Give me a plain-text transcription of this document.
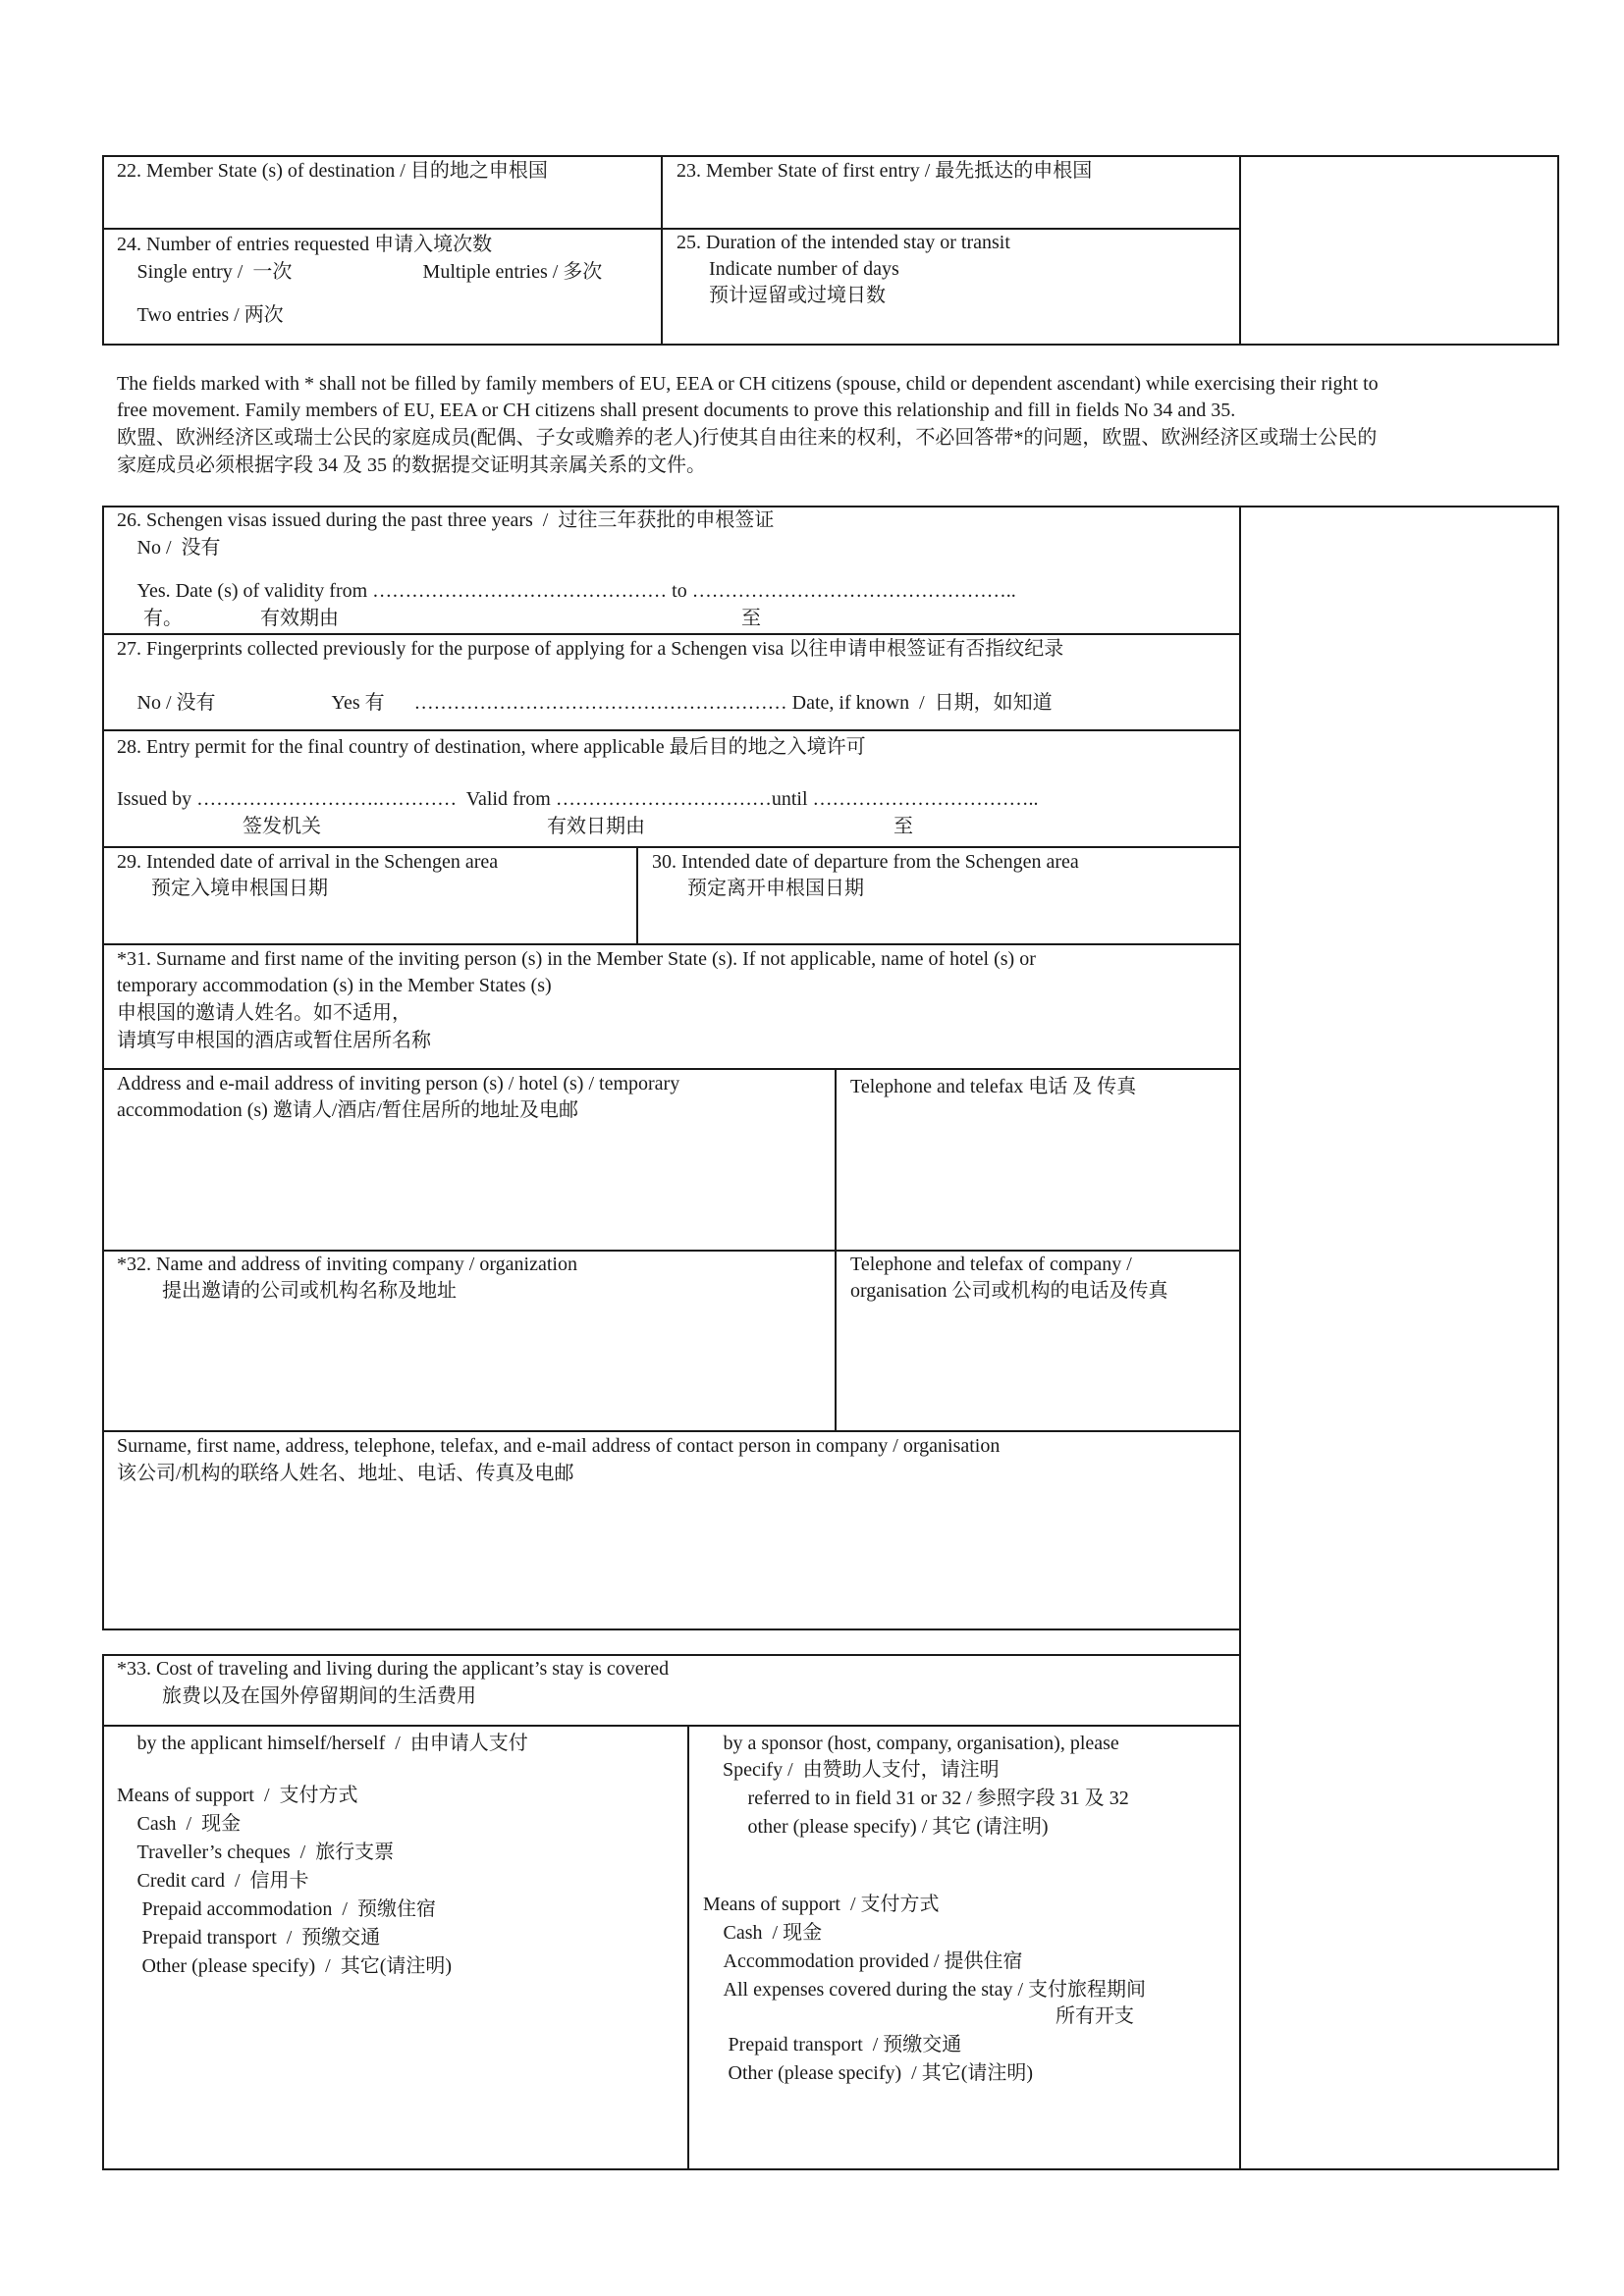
22. Member State (s) of destination / 目的地之申根国	23. Member State of first entry / 最先抵达的申根国
24. Number of entries requested 申请入境次数
Single entry /  一次	Multiple entries / 多次
Two entries / 两次
25. Duration of the intended stay or transit
Indicate number of days
预计逗留或过境日数
The fields marked with * shall not be filled by family members of EU, EEA or CH citizens (spouse, child or dependent ascendant) while exercising their right to
free movement. Family members of EU, EEA or CH citizens shall present documents to prove this relationship and fill in fields No 34 and 35.
欧盟、欧洲经济区或瑞士公民的家庭成员(配偶、子女或赡养的老人)行使其自由往来的权利，不必回答带*的问题，欧盟、欧洲经济区或瑞士公民的
家庭成员必须根据字段 34 及 35 的数据提交证明其亲属关系的文件。
26. Schengen visas issued during the past three years  /  过往三年获批的申根签证
No /  没有
Yes. Date (s) of validity from ……………………………………… to …………………………………………..
有。	有效期由	至
27. Fingerprints collected previously for the purpose of applying for a Schengen visa 以往申请申根签证有否指纹纪录
No / 没有	Yes 有      ………………………………………………… Date, if known  /  日期，如知道
28. Entry permit for the final country of destination, where applicable 最后目的地之入境许可
Issued by ……………………….…………  Valid from ……………………………until ……………………………..
签发机关	有效日期由	至
29. Intended date of arrival in the Schengen area
预定入境申根国日期
30. Intended date of departure from the Schengen area
预定离开申根国日期
*31. Surname and first name of the inviting person (s) in the Member State (s). If not applicable, name of hotel (s) or
temporary accommodation (s) in the Member States (s)
申根国的邀请人姓名。如不适用，
请填写申根国的酒店或暂住居所名称
Address and e-mail address of inviting person (s) / hotel (s) / temporary
accommodation (s) 邀请人/酒店/暂住居所的地址及电邮
Telephone and telefax 电话 及 传真
*32. Name and address of inviting company / organization
提出邀请的公司或机构名称及地址
Telephone and telefax of company /
organisation 公司或机构的电话及传真
Surname, first name, address, telephone, telefax, and e-mail address of contact person in company / organisation
该公司/机构的联络人姓名、地址、电话、传真及电邮
*33. Cost of traveling and living during the applicant’s stay is covered
旅费以及在国外停留期间的生活费用
by the applicant himself/herself  /  由申请人支付
Means of support  /  支付方式
Cash  /  现金
Traveller’s cheques  /  旅行支票
Credit card  /  信用卡
Prepaid accommodation  /  预缴住宿
Prepaid transport  /  预缴交通
Other (please specify)  /  其它(请注明)
by a sponsor (host, company, organisation), please
Specify /  由赞助人支付，请注明
referred to in field 31 or 32 / 参照字段 31 及 32
other (please specify) / 其它 (请注明)
Means of support  / 支付方式
Cash  / 现金
Accommodation provided / 提供住宿
All expenses covered during the stay / 支付旅程期间
所有开支
Prepaid transport  / 预缴交通
Other (please specify)  / 其它(请注明)
